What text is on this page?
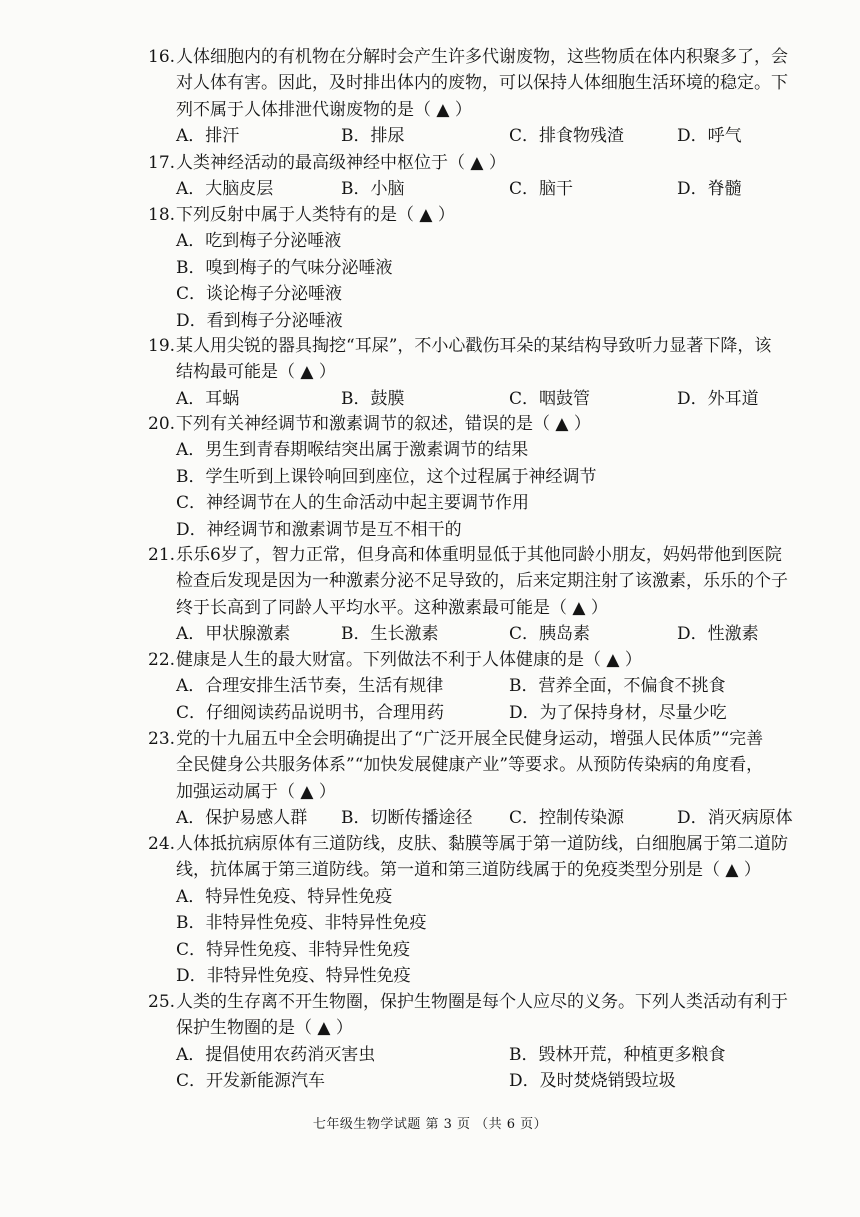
16.人体细胞内的有机物在分解时会产生许多代谢废物，这些物质在体内积聚多了，会
对人体有害。因此，及时排出体内的废物，可以保持人体细胞生活环境的稳定。下
列不属于人体排泄代谢废物的是（ ▲ ）
A．排汗	B．排尿	C．排食物残渣	D．呼气
17.人类神经活动的最高级神经中枢位于（ ▲ ）
A．大脑皮层	B．小脑	C．脑干	D．脊髓
18.下列反射中属于人类特有的是（ ▲ ）
A．吃到梅子分泌唾液
B．嗅到梅子的气味分泌唾液
C．谈论梅子分泌唾液
D．看到梅子分泌唾液
19.某人用尖锐的器具掏挖“耳屎”，不小心戳伤耳朵的某结构导致听力显著下降，该
结构最可能是（ ▲ ）
A．耳蜗	B．鼓膜	C．咽鼓管	D．外耳道
20.下列有关神经调节和激素调节的叙述，错误的是（ ▲ ）
A．男生到青春期喉结突出属于激素调节的结果
B．学生听到上课铃响回到座位，这个过程属于神经调节
C．神经调节在人的生命活动中起主要调节作用
D．神经调节和激素调节是互不相干的
21.乐乐6岁了，智力正常，但身高和体重明显低于其他同龄小朋友，妈妈带他到医院
检查后发现是因为一种激素分泌不足导致的，后来定期注射了该激素，乐乐的个子
终于长高到了同龄人平均水平。这种激素最可能是（ ▲ ）
A．甲状腺激素	B．生长激素	C．胰岛素	D．性激素
22.健康是人生的最大财富。下列做法不利于人体健康的是（ ▲ ）
A．合理安排生活节奏，生活有规律	B．营养全面，不偏食不挑食
C．仔细阅读药品说明书，合理用药	D．为了保持身材，尽量少吃
23.党的十九届五中全会明确提出了“广泛开展全民健身运动，增强人民体质”“完善
全民健身公共服务体系”“加快发展健康产业”等要求。从预防传染病的角度看，
加强运动属于（ ▲ ）
A．保护易感人群 B．切断传播途径 C．控制传染源	D．消灭病原体
24.人体抵抗病原体有三道防线，皮肤、黏膜等属于第一道防线，白细胞属于第二道防
线，抗体属于第三道防线。第一道和第三道防线属于的免疫类型分别是（ ▲ ）
A．特异性免疫、特异性免疫
B．非特异性免疫、非特异性免疫
C．特异性免疫、非特异性免疫
D．非特异性免疫、特异性免疫
25.人类的生存离不开生物圈，保护生物圈是每个人应尽的义务。下列人类活动有利于
保护生物圈的是（ ▲ ）
A．提倡使用农药消灭害虫	B．毁林开荒，种植更多粮食
C．开发新能源汽车	D．及时焚烧销毁垃圾
七年级生物学试题 第 3 页 （共 6 页）
